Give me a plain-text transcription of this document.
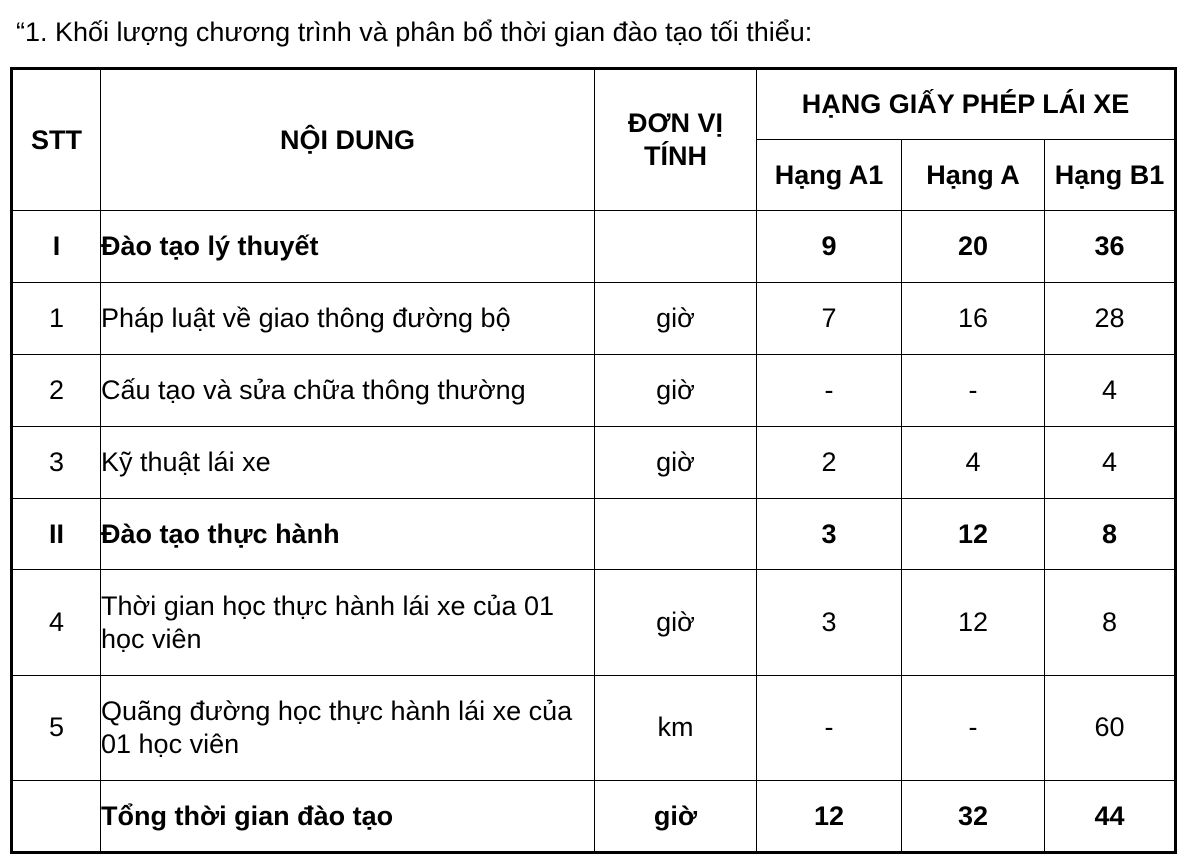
“1. Khối lượng chương trình và phân bổ thời gian đào tạo tối thiểu:
STT	NỘI DUNG	ĐƠN VỊ TÍNH	HẠNG GIẤY PHÉP LÁI XE		
			Hạng A1	Hạng A	Hạng B1
I	Đào tạo lý thuyết		9	20	36
1	Pháp luật về giao thông đường bộ	giờ	7	16	28
2	Cấu tạo và sửa chữa thông thường	giờ	-	-	4
3	Kỹ thuật lái xe	giờ	2	4	4
II	Đào tạo thực hành		3	12	8
4	Thời gian học thực hành lái xe của 01 học viên	giờ	3	12	8
5	Quãng đường học thực hành lái xe của 01 học viên	km	-	-	60
	Tổng thời gian đào tạo	giờ	12	32	44
